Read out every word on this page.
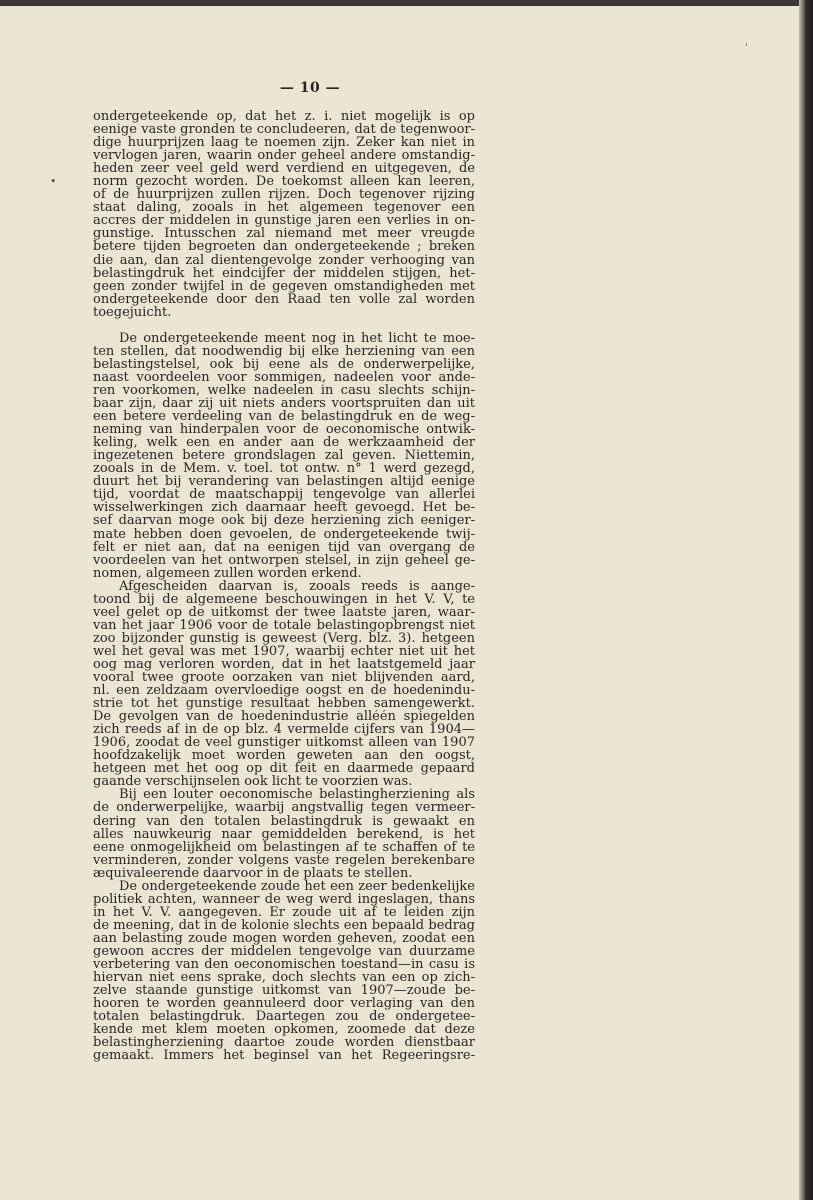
— 10 —
ondergeteekende op, dat het z. i. niet mogelijk is op
eenige vaste gronden te concludeeren, dat de tegenwoor-
dige huurprijzen laag te noemen zijn. Zeker kan niet in
vervlogen jaren, waarin onder geheel andere omstandig-
heden zeer veel geld werd verdiend en uitgegeven, de
norm gezocht worden. De toekomst alleen kan leeren,
of de huurprijzen zullen rijzen. Doch tegenover rijzing
staat daling, zooals in het algemeen tegenover een
accres der middelen in gunstige jaren een verlies in on-
gunstige. Intusschen zal niemand met meer vreugde
betere tijden begroeten dan ondergeteekende ; breken
die aan, dan zal dientengevolge zonder verhooging van
belastingdruk het eindcijfer der middelen stijgen, het-
geen zonder twijfel in de gegeven omstandigheden met
ondergeteekende door den Raad ten volle zal worden
toegejuicht.
De ondergeteekende meent nog in het licht te moe-
ten stellen, dat noodwendig bij elke herziening van een
belastingstelsel, ook bij eene als de onderwerpelijke,
naast voordeelen voor sommigen, nadeelen voor ande-
ren voorkomen, welke nadeelen in casu slechts schijn-
baar zijn, daar zij uit niets anders voortspruiten dan uit
een betere verdeeling van de belastingdruk en de weg-
neming van hinderpalen voor de oeconomische ontwik-
keling, welk een en ander aan de werkzaamheid der
ingezetenen betere grondslagen zal geven. Niettemin,
zooals in de Mem. v. toel. tot ontw. n° 1 werd gezegd,
duurt het bij verandering van belastingen altijd eenige
tijd, voordat de maatschappij tengevolge van allerlei
wisselwerkingen zich daarnaar heeft gevoegd. Het be-
sef daarvan moge ook bij deze herziening zich eeniger-
mate hebben doen gevoelen, de ondergeteekende twij-
felt er niet aan, dat na eenigen tijd van overgang de
voordeelen van het ontworpen stelsel, in zijn geheel ge-
nomen, algemeen zullen worden erkend.
Afgescheiden daarvan is, zooals reeds is aange-
toond bij de algemeene beschouwingen in het V. V, te
veel gelet op de uitkomst der twee laatste jaren, waar-
van het jaar 1906 voor de totale belastingopbrengst niet
zoo bijzonder gunstig is geweest (Verg. blz. 3). hetgeen
wel het geval was met 1907, waarbij echter niet uit het
oog mag verloren worden, dat in het laatstgemeld jaar
vooral twee groote oorzaken van niet blijvenden aard,
nl. een zeldzaam overvloedige oogst en de hoedenindu-
strie tot het gunstige resultaat hebben samengewerkt.
De gevolgen van de hoedenindustrie alléén spiegelden
zich reeds af in de op blz. 4 vermelde cijfers van 1904—
1906, zoodat de veel gunstiger uitkomst alleen van 1907
hoofdzakelijk moet worden geweten aan den oogst,
hetgeen met het oog op dit feit en daarmede gepaard
gaande verschijnselen ook licht te voorzien was.
Bij een louter oeconomische belastingherziening als
de onderwerpelijke, waarbij angstvallig tegen vermeer-
dering van den totalen belastingdruk is gewaakt en
alles nauwkeurig naar gemiddelden berekend, is het
eene onmogelijkheid om belastingen af te schaffen of te
verminderen, zonder volgens vaste regelen berekenbare
æquivaleerende daarvoor in de plaats te stellen.
De ondergeteekende zoude het een zeer bedenkelijke
politiek achten, wanneer de weg werd ingeslagen, thans
in het V. V. aangegeven. Er zoude uit af te leiden zijn
de meening, dat in de kolonie slechts een bepaald bedrag
aan belasting zoude mogen worden geheven, zoodat een
gewoon accres der middelen tengevolge van duurzame
verbetering van den oeconomischen toestand—in casu is
hiervan niet eens sprake, doch slechts van een op zich-
zelve staande gunstige uitkomst van 1907—zoude be-
hooren te worden geannuleerd door verlaging van den
totalen belastingdruk. Daartegen zou de ondergetee-
kende met klem moeten opkomen, zoomede dat deze
belastingherziening daartoe zoude worden dienstbaar
gemaakt. Immers het beginsel van het Regeeringsre-
•
ˈ
